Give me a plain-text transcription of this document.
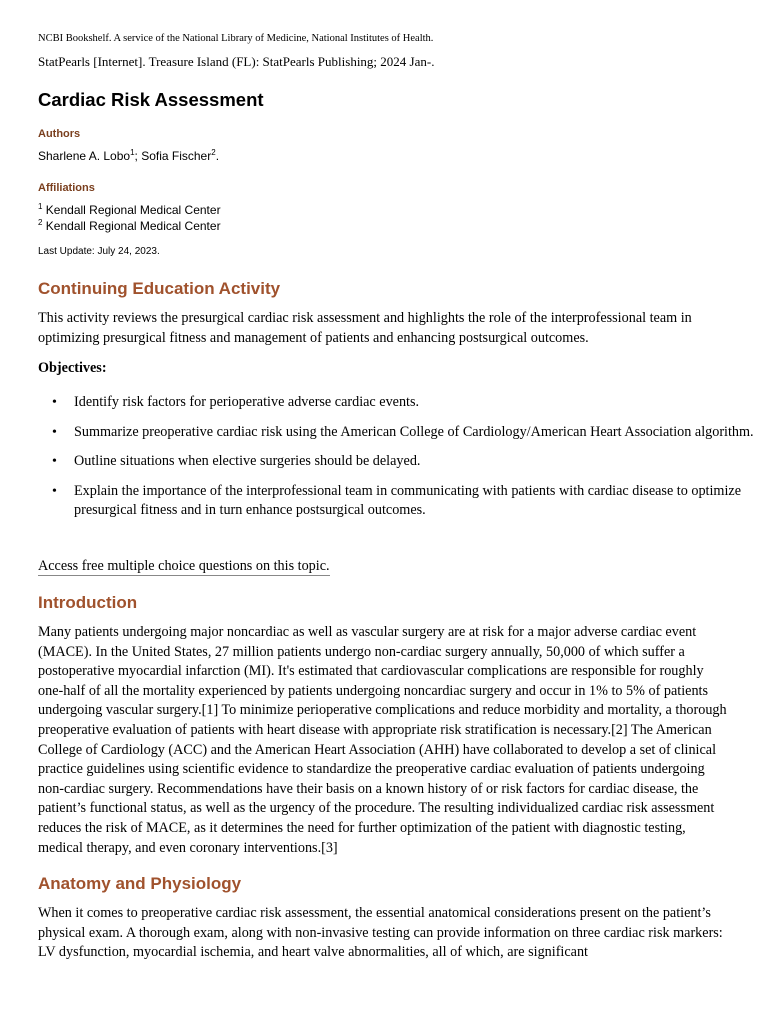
NCBI Bookshelf. A service of the National Library of Medicine, National Institutes of Health.
StatPearls [Internet]. Treasure Island (FL): StatPearls Publishing; 2024 Jan-.
Cardiac Risk Assessment
Authors
Sharlene A. Lobo$^1$; Sofia Fischer$^2$.
Affiliations
$^1$ Kendall Regional Medical Center
$^2$ Kendall Regional Medical Center
Last Update: July 24, 2023.
Continuing Education Activity
This activity reviews the presurgical cardiac risk assessment and highlights the role of the interprofessional team in optimizing presurgical fitness and management of patients and enhancing postsurgical outcomes.
Objectives:
• Identify risk factors for perioperative adverse cardiac events.
• Summarize preoperative cardiac risk using the American College of Cardiology/American Heart Association algorithm.
• Outline situations when elective surgeries should be delayed.
• Explain the importance of the interprofessional team in communicating with patients with cardiac disease to optimize presurgical fitness and in turn enhance postsurgical outcomes.
Access free multiple choice questions on this topic.
Introduction
Many patients undergoing major noncardiac as well as vascular surgery are at risk for a major adverse cardiac event (MACE). In the United States, 27 million patients undergo non-cardiac surgery annually, 50,000 of which suffer a postoperative myocardial infarction (MI). It's estimated that cardiovascular complications are responsible for roughly one-half of all the mortality experienced by patients undergoing noncardiac surgery and occur in 1% to 5% of patients undergoing vascular surgery.[1] To minimize perioperative complications and reduce morbidity and mortality, a thorough preoperative evaluation of patients with heart disease with appropriate risk stratification is necessary.[2] The American College of Cardiology (ACC) and the American Heart Association (AHH) have collaborated to develop a set of clinical practice guidelines using scientific evidence to standardize the preoperative cardiac evaluation of patients undergoing non-cardiac surgery. Recommendations have their basis on a known history of or risk factors for cardiac disease, the patient’s functional status, as well as the urgency of the procedure. The resulting individualized cardiac risk assessment reduces the risk of MACE, as it determines the need for further optimization of the patient with diagnostic testing, medical therapy, and even coronary interventions.[3]
Anatomy and Physiology
When it comes to preoperative cardiac risk assessment, the essential anatomical considerations present on the patient’s physical exam. A thorough exam, along with non-invasive testing can provide information on three cardiac risk markers: LV dysfunction, myocardial ischemia, and heart valve abnormalities, all of which, are significant
